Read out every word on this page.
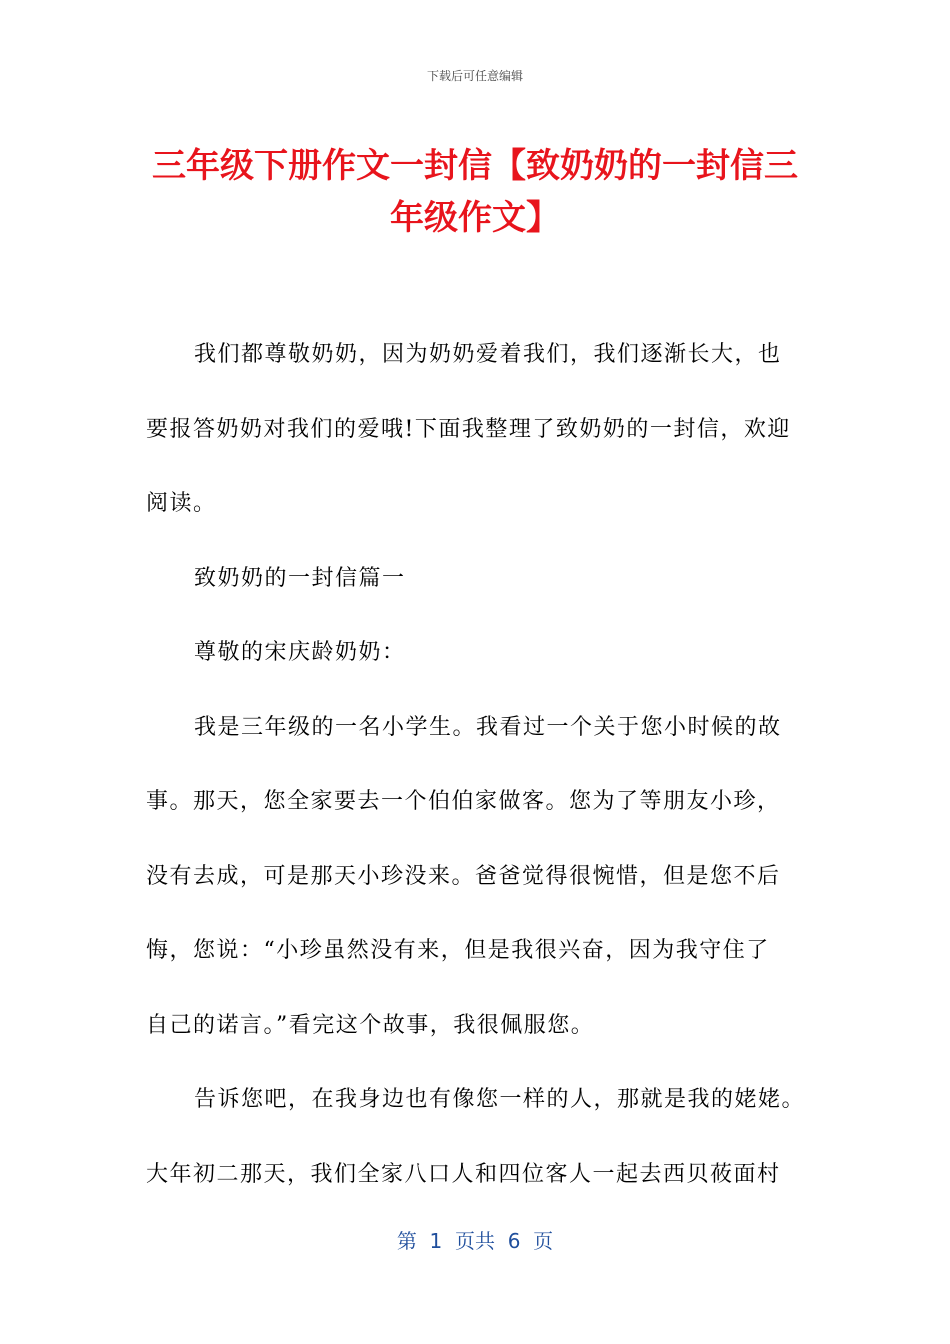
下载后可任意编辑
三年级下册作文一封信【致奶奶的一封信三年级作文】

我们都尊敬奶奶，因为奶奶爱着我们，我们逐渐长大，也

要报答奶奶对我们的爱哦!下面我整理了致奶奶的一封信，欢迎

阅读。

致奶奶的一封信篇一

尊敬的宋庆龄奶奶：

我是三年级的一名小学生。我看过一个关于您小时候的故

事。那天，您全家要去一个伯伯家做客。您为了等朋友小珍，

没有去成，可是那天小珍没来。爸爸觉得很惋惜，但是您不后

悔，您说：“小珍虽然没有来，但是我很兴奋，因为我守住了

自己的诺言。”看完这个故事，我很佩服您。

告诉您吧，在我身边也有像您一样的人，那就是我的姥姥。

大年初二那天，我们全家八口人和四位客人一起去西贝莜面村

第  1  页共  6  页
